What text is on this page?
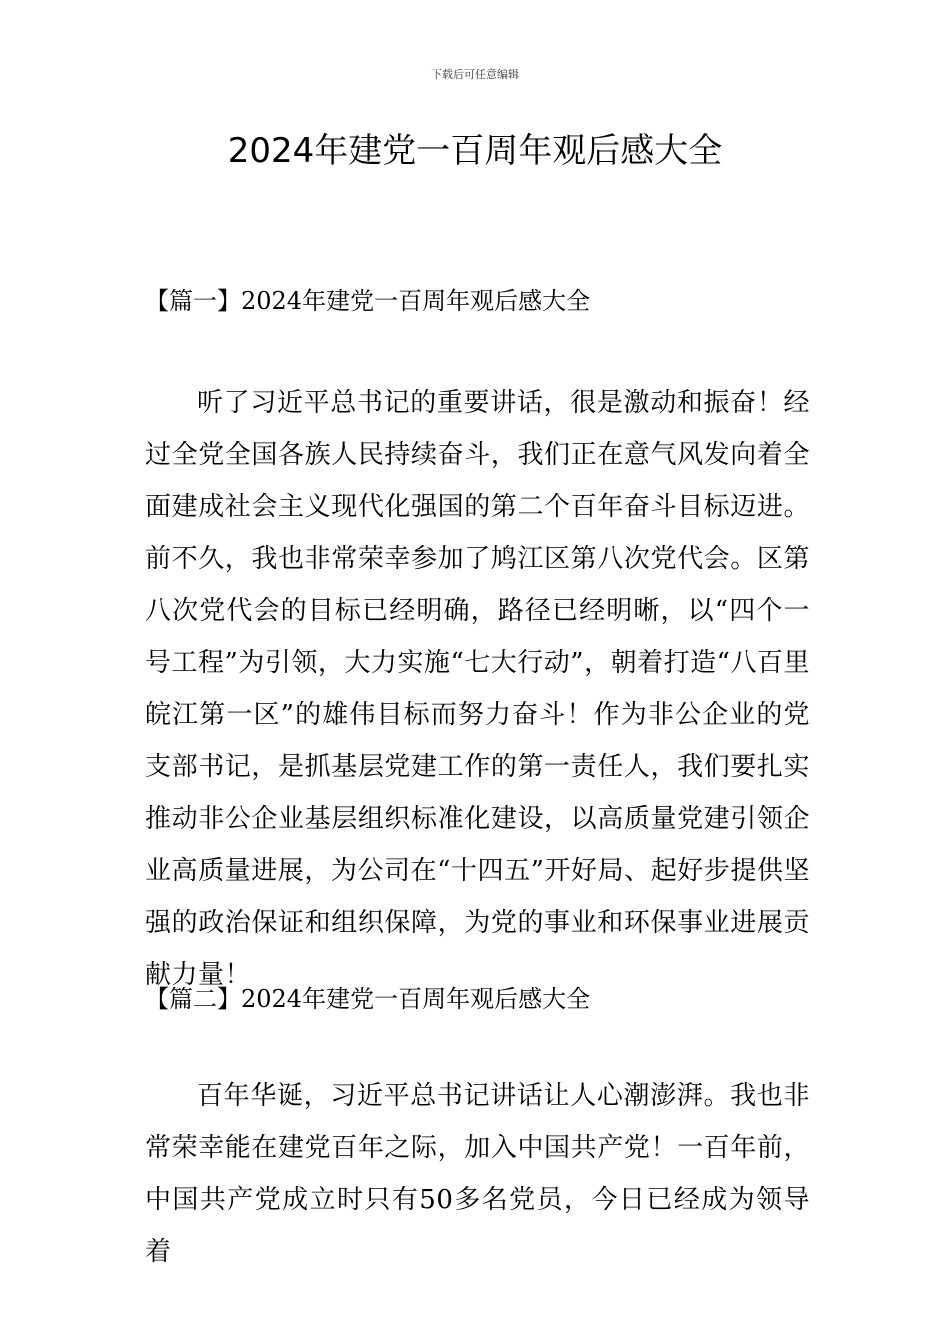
下载后可任意编辑
2024年建党一百周年观后感大全
【篇一】2024年建党一百周年观后感大全

听了习近平总书记的重要讲话，很是激动和振奋！经过全党全国各族人民持续奋斗，我们正在意气风发向着全面建成社会主义现代化强国的第二个百年奋斗目标迈进。前不久，我也非常荣幸参加了鸠江区第八次党代会。区第八次党代会的目标已经明确，路径已经明晰，以“四个一号工程”为引领，大力实施“七大行动”，朝着打造“八百里皖江第一区”的雄伟目标而努力奋斗！作为非公企业的党支部书记，是抓基层党建工作的第一责任人，我们要扎实推动非公企业基层组织标准化建设，以高质量党建引领企业高质量进展，为公司在“十四五”开好局、起好步提供坚强的政治保证和组织保障，为党的事业和环保事业进展贡献力量！

【篇二】2024年建党一百周年观后感大全

百年华诞，习近平总书记讲话让人心潮澎湃。我也非常荣幸能在建党百年之际，加入中国共产党！一百年前，中国共产党成立时只有50多名党员，今日已经成为领导着
